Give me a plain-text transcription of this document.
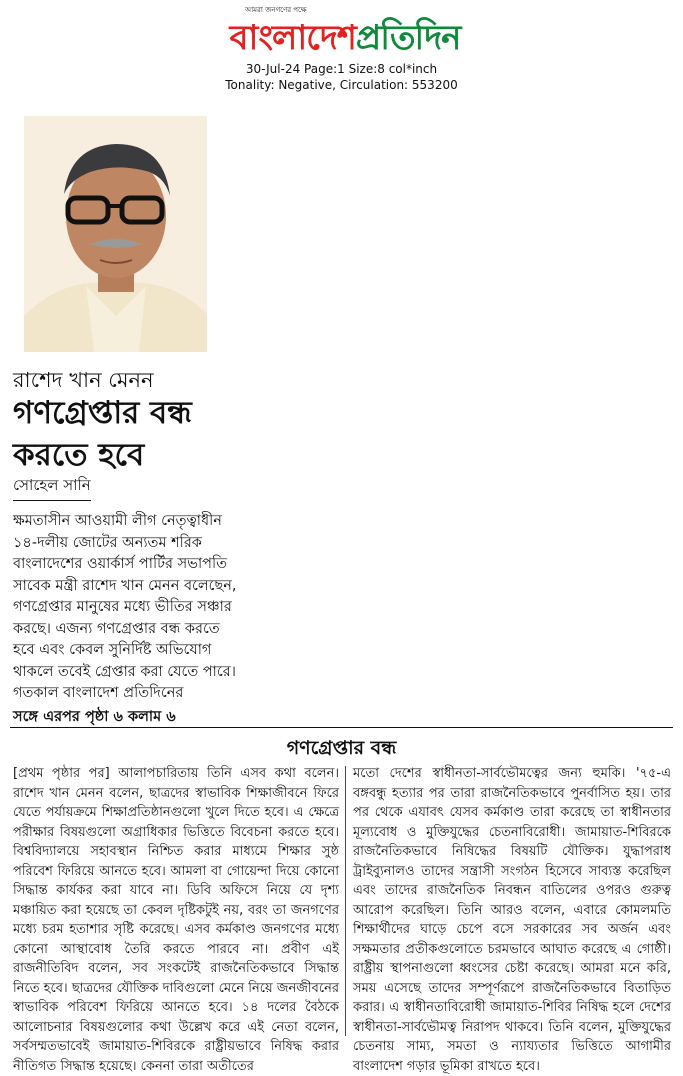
আমরা জনগণের পক্ষে
বাংলাদেশপ্রতিদিন
30-Jul-24 Page:1 Size:8 col*inch
Tonality: Negative, Circulation: 553200
রাশেদ খান মেনন
গণগ্রেপ্তার বন্ধ করতে হবে
সোহেল সানি
ক্ষমতাসীন আওয়ামী লীগ নেতৃত্বাধীন ১৪-দলীয় জোটের অন্যতম শরিক বাংলাদেশের ওয়ার্কার্স পার্টির সভাপতি সাবেক মন্ত্রী রাশেদ খান মেনন বলেছেন, গণগ্রেপ্তার মানুষের মধ্যে ভীতির সঞ্চার করছে। এজন্য গণগ্রেপ্তার বন্ধ করতে হবে এবং কেবল সুনির্দিষ্ট অভিযোগ থাকলে তবেই গ্রেপ্তার করা যেতে পারে। গতকাল বাংলাদেশ প্রতিদিনের
সঙ্গে এরপর পৃষ্ঠা ৬ কলাম ৬
গণগ্রেপ্তার বন্ধ
[প্রথম পৃষ্ঠার পর] আলাপচারিতায় তিনি এসব কথা বলেন। রাশেদ খান মেনন বলেন, ছাত্রদের স্বাভাবিক শিক্ষাজীবনে ফিরে যেতে পর্যায়ক্রমে শিক্ষাপ্রতিষ্ঠানগুলো খুলে দিতে হবে। এ ক্ষেত্রে পরীক্ষার বিষয়গুলো অগ্রাধিকার ভিত্তিতে বিবেচনা করতে হবে। বিশ্ববিদ্যালয়ে সহাবস্থান নিশ্চিত করার মাধ্যমে শিক্ষার সুষ্ঠ পরিবেশ ফিরিয়ে আনতে হবে। আমলা বা গোয়েন্দা দিয়ে কোনো সিদ্ধান্ত কার্যকর করা যাবে না। ডিবি অফিসে নিয়ে যে দৃশ্য মঞ্চায়িত করা হয়েছে তা কেবল দৃষ্টিকটুই নয়, বরং তা জনগণের মধ্যে চরম হতাশার সৃষ্টি করেছে। এসব কর্মকাণ্ড জনগণের মধ্যে কোনো আস্থাবোধ তৈরি করতে পারবে না। প্রবীণ এই রাজনীতিবিদ বলেন, সব সংকটেই রাজনৈতিকভাবে সিদ্ধান্ত নিতে হবে। ছাত্রদের যৌক্তিক দাবিগুলো মেনে নিয়ে জনজীবনের স্বাভাবিক পরিবেশ ফিরিয়ে আনতে হবে। ১৪ দলের বৈঠকে আলোচনার বিষয়গুলোর কথা উল্লেখ করে এই নেতা বলেন, সর্বসম্মতভাবেই জামায়াত-শিবিরকে রাষ্ট্রীয়ভাবে নিষিদ্ধ করার নীতিগত সিদ্ধান্ত হয়েছে। কেননা তারা অতীতের
মতো দেশের স্বাধীনতা-সার্বভৌমত্বের জন্য হুমকি। '৭৫-এ বঙ্গবন্ধু হত্যার পর তারা রাজনৈতিকভাবে পুনর্বাসিত হয়। তার পর থেকে এযাবৎ যেসব কর্মকাণ্ড তারা করেছে তা স্বাধীনতার মূল্যবোধ ও মুক্তিযুদ্ধের চেতনাবিরোধী। জামায়াত-শিবিরকে রাজনৈতিকভাবে নিষিদ্ধের বিষয়টি যৌক্তিক। যুদ্ধাপরাধ ট্রাইব্যুনালও তাদের সন্ত্রাসী সংগঠন হিসেবে সাব্যস্ত করেছিল এবং তাদের রাজনৈতিক নিবন্ধন বাতিলের ওপরও গুরুত্ব আরোপ করেছিল। তিনি আরও বলেন, এবারে কোমলমতি শিক্ষার্থীদের ঘাড়ে চেপে বসে সরকারের সব অর্জন এবং সক্ষমতার প্রতীকগুলোতে চরমভাবে আঘাত করেছে এ গোষ্ঠী। রাষ্ট্রীয় স্থাপনাগুলো ধ্বংসের চেষ্টা করেছে। আমরা মনে করি, সময় এসেছে তাদের সম্পূর্ণরূপে রাজনৈতিকভাবে বিতাড়িত করার। এ স্বাধীনতাবিরোধী জামায়াত-শিবির নিষিদ্ধ হলে দেশের স্বাধীনতা-সার্বভৌমত্ব নিরাপদ থাকবে। তিনি বলেন, মুক্তিযুদ্ধের চেতনায় সাম্য, সমতা ও ন্যায্যতার ভিত্তিতে আগামীর বাংলাদেশ গড়ার ভূমিকা রাখতে হবে।
